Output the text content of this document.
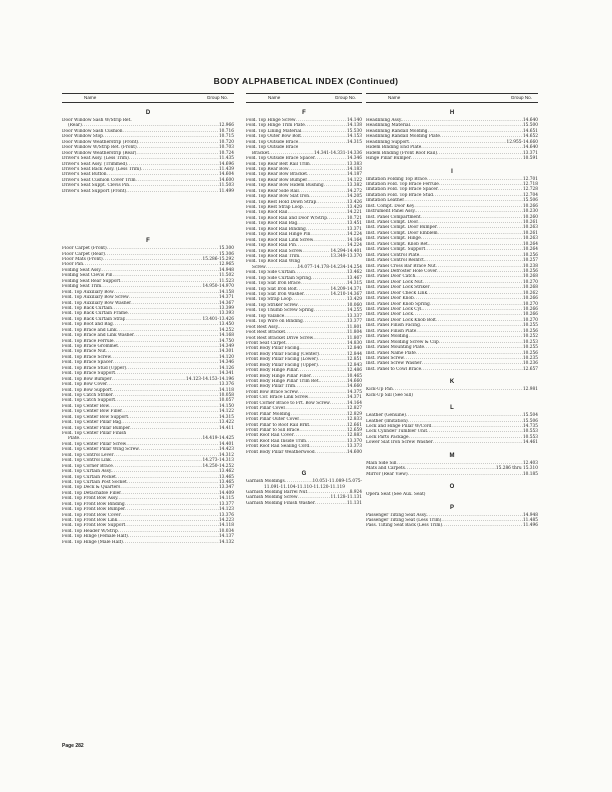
BODY ALPHABETICAL INDEX (Continued)
Name	Group No.
D
Door Window Sash W/Strip Ret.
(Rear) .....	12.966
Door Window Sash Cushion .....	10.716
Door Window Stop .....	10.715
Door Window Weatherstrip (Front) .....	10.720
Door Window W/Strip Ret. (Front) .....	10.703
Door Window Weatherstrip (Rear) .....	10.724
Driver's Seat Assy. (Less Trim) .....	11.435
Driver's Seat Assy. (Trimmed) .....	14.696
Driver's Seat Back Assy. (Less Trim) .....	11.439
Driver's Seat Button .....	14.604
Driver's Seat Cushion Cover Trim .....	14.600
Driver's Seat Suppt. Clevis Pin .....	11.503
Driver's Seat Support (Front) .....	11.499
F
Floor Carpet (Front) .....	15.300
Floor Carpet (Rear) .....	15.306
Floor Mats (Front) .....	15.286-15.292
Floor Pan .....	12.965
Folding Seat Assy. .....	14.948
Folding Seat Clevis Pin .....	11.502
Folding Seat Rear Support .....	11.523
Folding Seat Trim .....	14.950-14.970
Fold. Top Auxiliary Bow .....	14.158
Fold. Top Auxiliary Bow Screw .....	14.371
Fold. Top Auxiliary Bow Washer .....	14.367
Fold. Top Back Curtain .....	13.399
Fold. Top Back Curtain Frame .....	13.393
Fold. Top Back Curtain Strap .....	13.401-13.426
Fold. Top Boot and Bag .....	13.450
Fold. Top Brace and Link .....	14.252
Fold. Top Brace and Link Washer .....	14.168
Fold. Top Brace Ferrule .....	14.750
Fold. Top Brace Grommet .....	14.349
Fold. Top Brace Nut .....	14.301
Fold. Top Brace Screw .....	14.120
Fold. Top Brace Spacer .....	14.346
Fold. Top Brace Stud (Upper) .....	14.126
Fold. Top Brace Support .....	14.341
Fold. Top Bow Bumper .....	14.123-14.153-14.196
Fold. Top Bow Cover .....	13.376
Fold. Top Bow Support .....	14.118
Fold. Top Catch Striker .....	10.058
Fold. Top Catch Support .....	10.057
Fold. Top Center Bow .....	14.150
Fold. Top Center Bow Filler .....	14.122
Fold. Top Center Bow Support .....	14.315
Fold. Top Center Pillar Bag .....	13.422
Fold. Top Center Pillar Bumper .....	14.411
Fold. Top Center Pillar Finish
Plate .....	14.419-14.425
Fold. Top Center Pillar Screw .....	14.401
Fold. Top Center Pillar Wing Screw .....	14.423
Fold. Top Control Lever .....	14.312
Fold. Top Control Link .....	14.273-14.313
Fold. Top Corner Brace .....	14.250-14.252
Fold. Top Curtain Assy. .....	13.462
Fold. Top Curtain Pocket .....	13.465
Fold. Top Curtain Post Socket .....	13.465
Fold. Top Deck & Quarters .....	13.347
Fold. Top Detachable Filler .....	14.409
Fold. Top Front Bow Assy. .....	14.115
Fold. Top Front Bow Binding .....	13.377
Fold. Top Front Bow Bumper .....	14.123
Fold. Top Front Bow Cover .....	13.376
Fold. Top Front Bow Link .....	14.223
Fold. Top Front Bow Support .....	14.118
Fold. Top Header W/Strip .....	10.034
Fold. Top Hinge (Female Half) .....	14.137
Fold. Top Hinge (Male Half) .....	14.132
Name	Group No.
F
Fold. Top Hinge Screw .....	14.140
Fold. Top Hinge Trim Plate .....	14.138
Fold. Top Lining Material .....	15.530
Fold. Top Outer Bow Bolt .....	14.153
Fold. Top Outside Brace .....	14.315
Fold. Top Outside Brace
Bracket .....	14.341-14.331-14.336
Fold. Top Outside Brace Spacer .....	14.346
Fold. Top Rear Belt Rail Trim .....	13.383
Fold. Top Rear Bow .....	14.183
Fold. Top Rear Bow Bracket .....	14.187
Fold. Top Rear Bow Bumper .....	14.122
Fold. Top Rear Bow Hidem Bushing .....	13.382
Fold. Top Rear Side Rail .....	14.272
Fold. Top Rear Bow Slat Iron .....	14.205
Fold. Top Rest Hold Down Strap .....	13.426
Fold. Top Rest Strap Loop .....	13.429
Fold. Top Roof Rail .....	14.221
Fold. Top Roof Rail and Door W/Strip .....	10.721
Fold. Top Roof Rail Bag .....	13.451
Fold. Top Roof Rail Binding .....	13.371
Fold. Top Roof Rail Hinge Pin .....	14.224
Fold. Top Roof Rail Link Screw .....	14.164
Fold. Top Roof Rail Pin .....	14.224
Fold. Top Roof Rail Screw .....	14.294-14.401
Fold. Top Roof Rail Trim .....	13.349-13.370
Fold. Top Roof Rail Wing
Screw .....	14.077-14.178-14.234-14.254
Fold. Top Side Curtain .....	13.462
Fold. Top Side Curtain Spring .....	13.467
Fold. Top Slat Iron Brace .....	14.315
Fold. Top Slat Iron Bolt .....	14.209-14.371
Fold. Top Slat Iron Washer .....	14.210-14.367
Fold. Top Strap Loop .....	13.429
Fold. Top Striker Screw .....	10.060
Fold. Top Thumb Screw Spring .....	14.255
Fold. Top Valance .....	13.337
Fold. Top Wire on Binding .....	13.377
Foot Rest Assy. .....	11.801
Foot Rest Bracket .....	11.804
Foot Rest Bracket Drive Screw .....	11.807
Front Seat Carpet .....	14.830
Front Body Pillar Facing .....	12.840
Front Body Pillar Facing (Center) .....	12.844
Front Body Pillar Facing (Lower) .....	12.851
Front Body Pillar Facing (Upper) .....	12.843
Front Body Hinge Pillar .....	12.486
Front Body Hinge Pillar Filler .....	10.465
Front Body Hinge Pillar Trim Ret. .....	14.660
Front Body Pillar Trim .....	14.660
Front Bow Brace Screw .....	14.375
Front Cor. Brace Link Screw .....	14.371
Front Corner Brace to Frt. Bow Screw .....	14.164
Front Pillar Cover .....	12.827
Front Pillar Molding .....	12.829
Front Pillar Outer Cover .....	12.833
Front Pillar to Roof Rail Brkt. .....	12.661
Front Pillar to Sill Brace .....	12.659
Front Roof Rail Cover .....	12.883
Front Roof Rail Inside Trim .....	13.370
Front Roof Rail Sealing Cord .....	13.373
Front Body Pillar Weatherwood .....	14.600
G
Garnish Moldings .....	10.051-11.089-15.075-
11.091-11.104-11.110-11.120-11.119
Garnish Molding Barrel Nut .....	8.924
Garnish Molding Screw .....	11.128-11.131
Garnish Molding Finish Washer .....	11.131
Name	Group No.
H
Headlining Assy. .....	14.640
Headlining Material .....	15.500
Headlining Randall Molding .....	14.651
Headlining Randall Molding Plate .....	14.652
Headlining Support .....	12.955-14.660
Hidem Binding End Plate .....	14.640
Hidem Binding (Front Roof Rail) .....	13.371
Hinge Pillar Bumper .....	10.591
I
Imitation Folding Top Brace .....	12.701
Imitation Fold. Top Brace Ferrule .....	12.718
Imitation Fold. Top Brace Spacer .....	12.728
Imitation Fold. Top Brace Stud .....	12.704
Imitation Leather .....	15.506
Inst. Compt. Door Key .....	10.266
Instrument Panel Assy. .....	10.230
Inst. Panel Compartment .....	10.260
Inst. Panel Compt. Door .....	10.261
Inst. Panel Compt. Door Bumper .....	10.263
Inst. Panel Compt. Door Emblem .....	10.261
Inst. Panel Compt. Hinge .....	10.263
Inst. Panel Compt. Knob Ret. .....	10.264
Inst. Panel Compt. Support .....	10.264
Inst. Panel Control Plate .....	10.256
Inst. Panel Control Reinfct. .....	10.257
Inst. Panel Cross Bar Brace Nut .....	10.238
Inst. Panel Defroster Hole Cover .....	10.256
Inst. Panel Door Catch .....	10.268
Inst. Panel Door Lock Nut .....	10.270
Inst. Panel Door Lock Striker .....	10.268
Inst. Panel Door Check Link .....	10.262
Inst. Panel Door Knob .....	10.266
Inst. Panel Door Knob Spring .....	10.270
Inst. Panel Door Lock Cyl. .....	10.266
Inst. Panel Door Lock .....	10.266
Inst. Panel Door Lock Knob Bolt .....	10.270
Inst. Panel Finish Facing .....	10.255
Inst. Panel Finish Plate .....	10.256
Inst. Panel Molding .....	10.252
Inst. Panel Molding Screw & Clip .....	10.253
Inst. Panel Mounting Plate .....	10.255
Inst. Panel Name Plate .....	10.256
Inst. Panel Screw .....	10.235
Inst. Panel Screw Washer .....	10.236
Inst. Panel to Cowl Brace .....	12.657
K
Kick-Up Pan .....	12.981
Kick-Up Sill (See Sill)
L
Leather (Genuine) .....	15.504
Leather (Imitation) .....	15.506
Lock and Hinge Pillar W/Cord .....	14.735
Lock Cylinder Tumbler Unit .....	10.553
Lock Parts Package .....	10.553
Lower Slat Iron Screw Washer .....	14.461
M
Main Side Sill .....	12.403
Mats and Carpets .....	15.286 thru 15.310
Mirror (Rear View) .....	10.185
O
Opera Seat (See Aux. Seat)
P
Passenger Tilting Seat Assy. .....	14.948
Passenger Tilting Seat (Less Trim) .....	11.485
Pass. Tilting Seat Back (Less Trim) .....	11.496
Page 282
